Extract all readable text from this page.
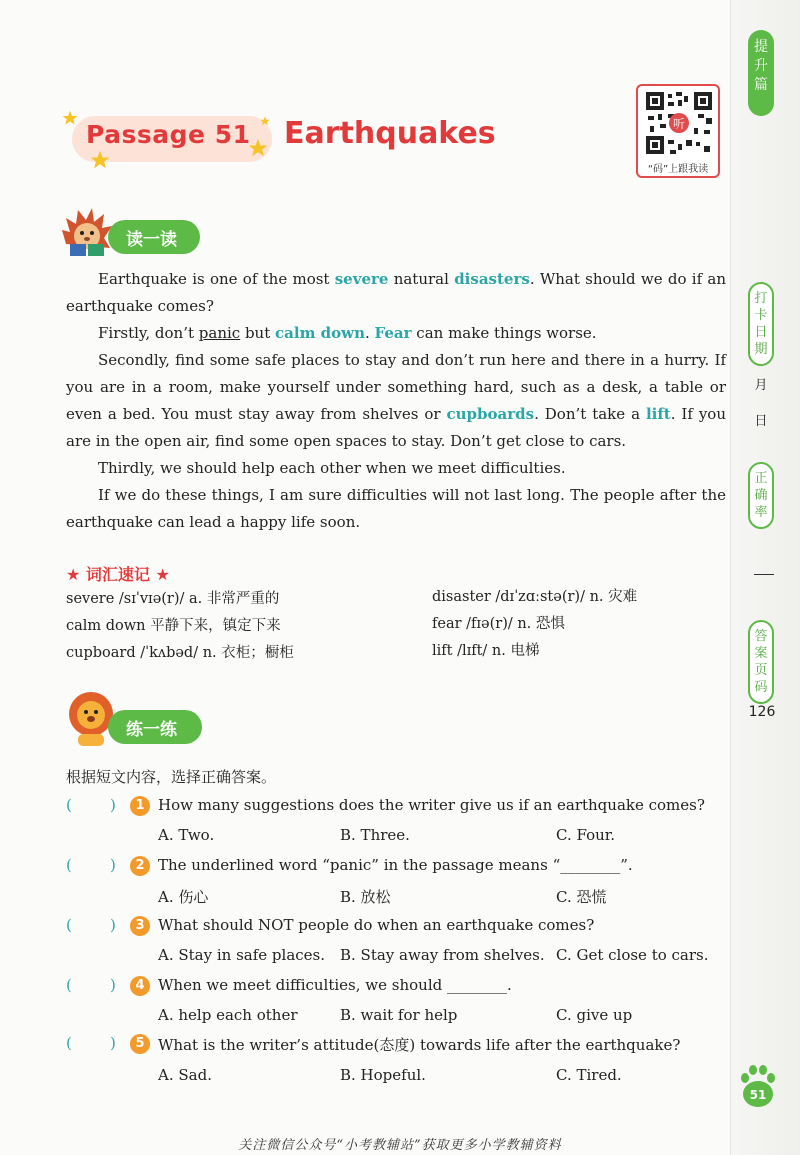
提
升
篇
打
卡
日
期
月
日
正
确
率
答
案
页
码
126
51
Passage 51 Earthquakes	听
“码”上跟我读
读一读

Earthquake is one of the most severe natural disasters. What should we do if an earthquake comes?

Firstly, don’t panic but calm down. Fear can make things worse.

Secondly, find some safe places to stay and don’t run here and there in a hurry. If you are in a room, make yourself under something hard, such as a desk, a table or even a bed. You must stay away from shelves or cupboards. Don’t take a lift. If you are in the open air, find some open spaces to stay. Don’t get close to cars.

Thirdly, we should help each other when we meet difficulties.

If we do these things, I am sure difficulties will not last long. The people after the earthquake can lead a happy life soon.

★ 词汇速记 ★
severe /sɪˈvɪə(r)/ a. 非常严重的
calm down 平静下来，镇定下来
cupboard /ˈkʌbəd/ n. 衣柜；橱柜
disaster /dɪˈzɑːstə(r)/ n. 灾难
fear /fɪə(r)/ n. 恐惧
lift /lɪft/ n. 电梯
练一练
根据短文内容，选择正确答案。
(	)	1 How many suggestions does the writer give us if an earthquake comes?
A. Two.	B. Three.	C. Four.
(	)	2 The underlined word “panic” in the passage means “________”.
A. 伤心	B. 放松	C. 恐慌
(	)	3 What should NOT people do when an earthquake comes?
A. Stay in safe places. B. Stay away from shelves. C. Get close to cars.
(	)	4 When we meet difficulties, we should ________.
A. help each other	B. wait for help	C. give up
(	)	5 What is the writer’s attitude(态度) towards life after the earthquake?
A. Sad.	B. Hopeful.	C. Tired.
关注微信公众号“小考教辅站”获取更多小学教辅资料
